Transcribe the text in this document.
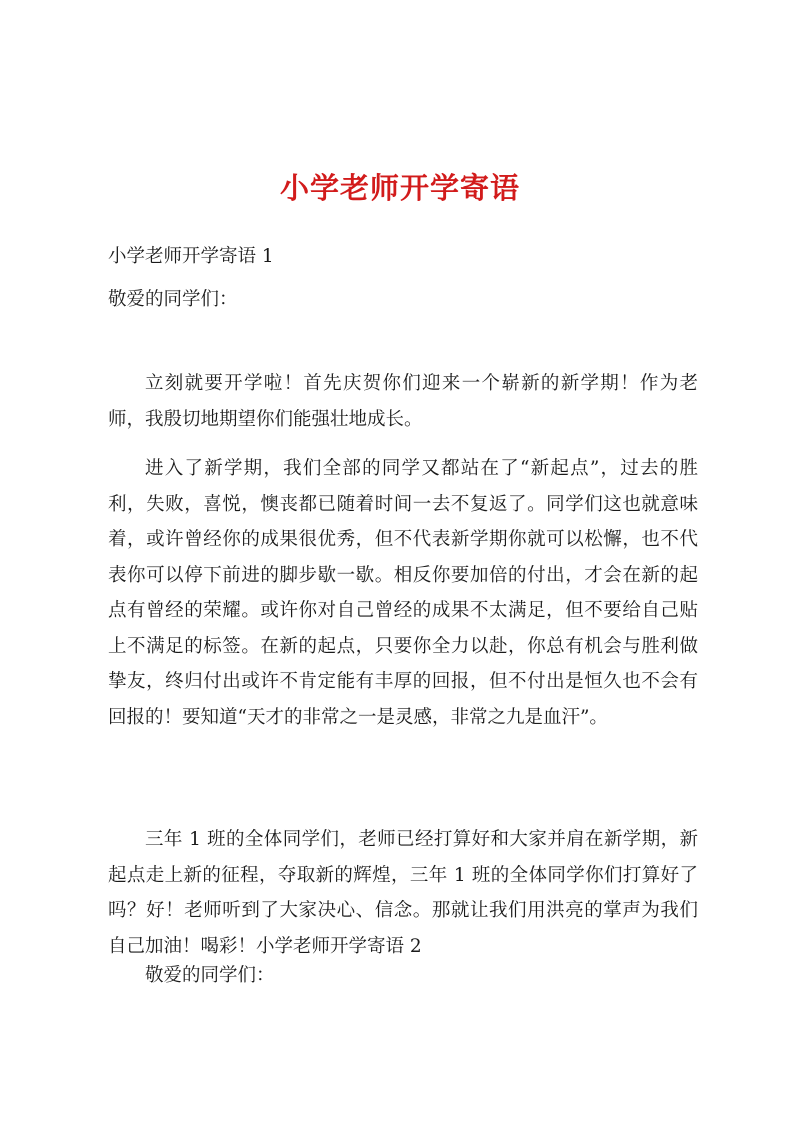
小学老师开学寄语

小学老师开学寄语 1

敬爱的同学们：

立刻就要开学啦！首先庆贺你们迎来一个崭新的新学期！作为老师，我殷切地期望你们能强壮地成长。

进入了新学期，我们全部的同学又都站在了“新起点”，过去的胜利，失败，喜悦，懊丧都已随着时间一去不复返了。同学们这也就意味着，或许曾经你的成果很优秀，但不代表新学期你就可以松懈，也不代表你可以停下前进的脚步歇一歇。相反你要加倍的付出，才会在新的起点有曾经的荣耀。或许你对自己曾经的成果不太满足，但不要给自己贴上不满足的标签。在新的起点，只要你全力以赴，你总有机会与胜利做挚友，终归付出或许不肯定能有丰厚的回报，但不付出是恒久也不会有回报的！要知道“天才的非常之一是灵感，非常之九是血汗”。

三年 1 班的全体同学们，老师已经打算好和大家并肩在新学期，新起点走上新的征程，夺取新的辉煌，三年 1 班的全体同学你们打算好了吗？好！老师听到了大家决心、信念。那就让我们用洪亮的掌声为我们自己加油！喝彩！小学老师开学寄语 2

敬爱的同学们：
